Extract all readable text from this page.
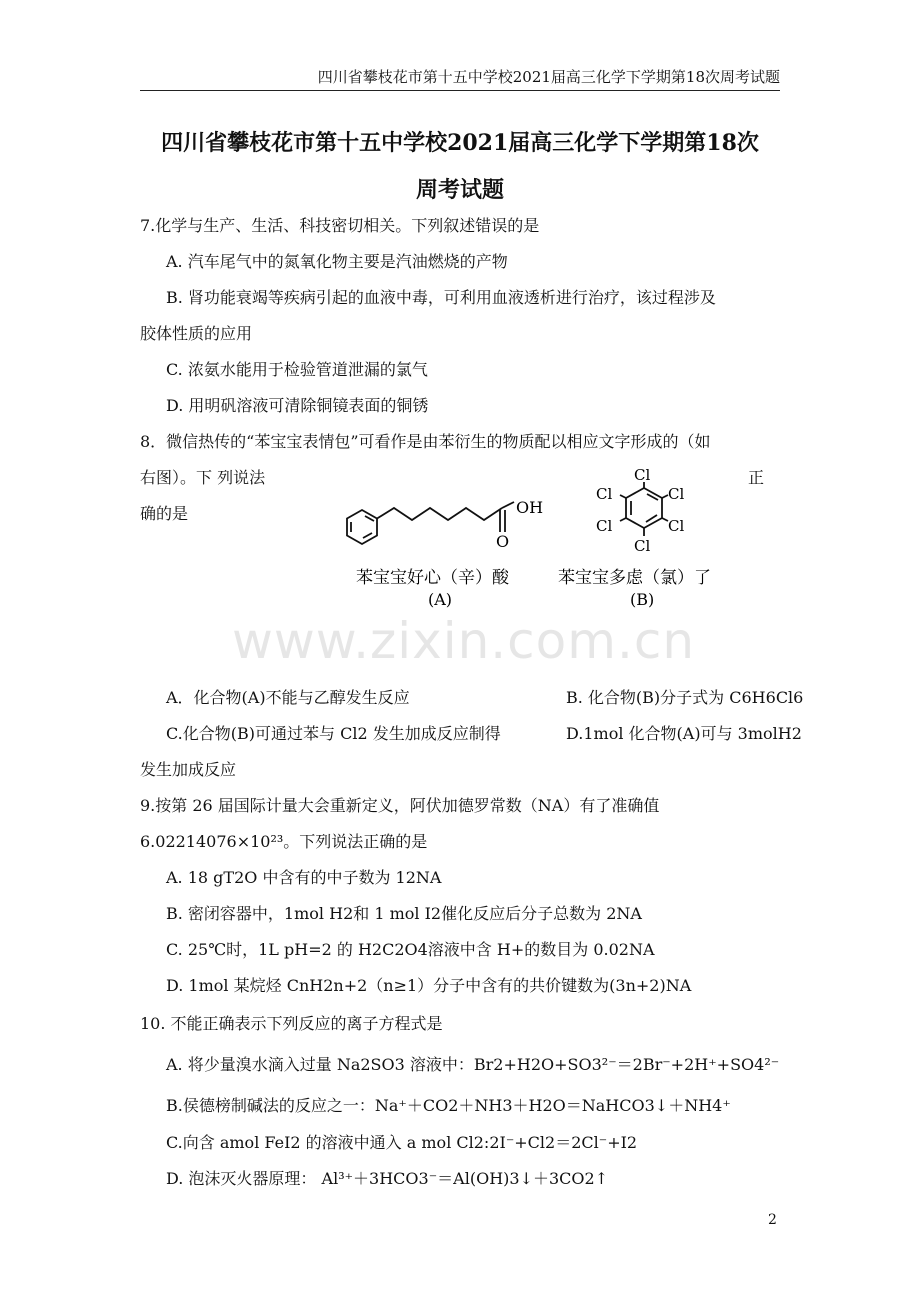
四川省攀枝花市第十五中学校2021届高三化学下学期第18次周考试题
四川省攀枝花市第十五中学校2021届高三化学下学期第18次
周考试题
7.化学与生产、生活、科技密切相关。下列叙述错误的是
A. 汽车尾气中的氮氧化物主要是汽油燃烧的产物
B. 肾功能衰竭等疾病引起的血液中毒，可利用血液透析进行治疗，该过程涉及
胶体性质的应用
C. 浓氨水能用于检验管道泄漏的氯气
D. 用明矾溶液可清除铜镜表面的铜锈
8．微信热传的“苯宝宝表情包”可看作是由苯衍生的物质配以相应文字形成的（如
右图）。下 列说法	正
确的是	OH
O
Cl
Cl
Cl
Cl
Cl
Cl
苯宝宝好心（辛）酸
(A)
苯宝宝多虑（氯）了
(B)
www.zixin.com.cn
A．化合物(A)不能与乙醇发生反应	B. 化合物(B)分子式为 C6H6Cl6
C.化合物(B)可通过苯与 Cl2 发生加成反应制得	D.1mol 化合物(A)可与 3molH2
发生加成反应
9.按第 26 届国际计量大会重新定义，阿伏加德罗常数（NA）有了准确值
6.02214076×10²³。下列说法正确的是
A. 18 gT2O 中含有的中子数为 12NA
B. 密闭容器中，1mol H2和 1 mol I2催化反应后分子总数为 2NA
C. 25℃时，1L pH=2 的 H2C2O4溶液中含 H+的数目为 0.02NA
D. 1mol 某烷烃 CnH2n+2（n≥1）分子中含有的共价键数为(3n+2)NA
10. 不能正确表示下列反应的离子方程式是
A. 将少量溴水滴入过量 Na2SO3 溶液中：Br2+H2O+SO3²⁻＝2Br⁻+2H⁺+SO4²⁻
B.侯德榜制碱法的反应之一：Na⁺＋CO2＋NH3＋H2O＝NaHCO3↓＋NH4⁺
C.向含 amol FeI2 的溶液中通入 a mol Cl2:2I⁻+Cl2＝2Cl⁻+I2
D. 泡沫灭火器原理： Al³⁺＋3HCO3⁻＝Al(OH)3↓＋3CO2↑
2
